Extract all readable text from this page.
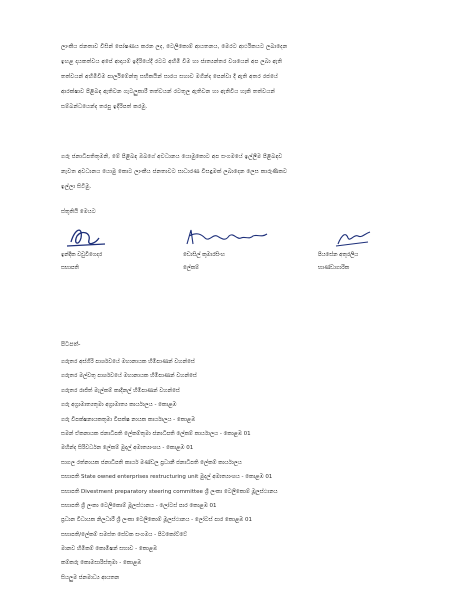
ලාංකීය ජනතාව විසින් පෝෂණය කරන ලද, ටෙලිකොම් ආයතනය, මෙරට ආර්ථිකයට ලබාදෙන
ඉහළ දායකත්වය අපේ ආදායම් ඉදිරියේදී රටට අහිමි වීම හා ජාත්‍යන්තර වශයෙන් අප ලබා ඇති
තත්වයන් අහිමිවීම පාර්ලිමේන්තු සභිකයින් සාරය සහාව මගින්ද පෙන්වා දී ඇති අතර රජයේ
ආරක්ෂාව පිළිබඳ ඇතිවන ගැටලුකාරී තත්වයන් රටතුල ඇතිවන හා ඇතිවිය හැකි තත්වයන්
සම්බන්ධයෙන්ද තරපු ඉදිරිපත් කරමු.
ගරු ජනාධිපතිතුමනි, මේ පිළිබඳ ඔබගේ අවධානය යොමුකොට අප සංගමයේ ඉල්ලීම පිළිබඳව
නැවත අවධානය යොමු කොට ලාංකීය ජනතාවට සාධාරණ විසඳුමක් ලබාදෙන ලෙස කාරුණිකව
ඉල්ලා සිටිමු.
ස්තූතියි මෙයට
ඉන්දික වඩුවිගෙදර
සභාපති
ඩොසිල් කුමාරසිංහ
ලේකම්
පියසේන අතුරලිය
භාණ්ඩාගාරික
පිටපත්-
ගරුතර අස්ගිරි පාර්ශවයේ මහානායක හිමිපාණන් වහන්සේ
ගරුතර මල්වතු පාර්ශවයේ මහානායක හිමිපාණන් වහන්සේ
ගරුතර රාජිත් මැල්කම් කාදිනල් හිමිපාණන් වහන්සේ
ගරු අග්‍රාමාත්‍යතුමා අග්‍රාමාත්‍ය කාර්යාලය - කොළඹ
ගරු විපක්ෂනායකතුමා විපක්ෂ නායක කාර්යාලය - කොළඹ
සමන් ඒකනායක ජනාධිපති ලේකම්තුමා ජනාධිපති ලේකම් කාර්යාලය - කොළඹ 01
මහින්ද සිරිවර්ධන ලේකම් මුදල් අමාත්‍යාංශය - කොළඹ 01
සාගල රත්නායක ජනාධිපති කාර්ය මණ්ඩල ප්‍රධානී ජනාධිපති ලේකම් කාර්යාලය
සභාපති State owned enterprises restructuring unit මුදල් අමාත්‍යාංශය - කොළඹ 01
සභාපති Divestment preparatory steering committee ශ්‍රී ලංකා ටෙලිකොම් මූලස්ථානය
සභාපති ශ්‍රී ලංකා ටෙලිකොම් මූලස්ථානය - ලෝටස් පාර කොළඹ 01
ප්‍රධාන විධායක නිලධාරී ශ්‍රී ලංකා ටෙලිකොම් මූලස්ථානය - ලෝටස් පාර කොළඹ 01
සභාපති/ලේකම් සමස්ත සේවක සංගමය - පිටකෝට්ටේ
මානව හිමිකම් කොමිෂන් සභාව - කොළඹ
කම්කරු කොමසාරිස්තුමා - කොළඹ
සියලුම ජනමාධ්‍ය ආයතන
